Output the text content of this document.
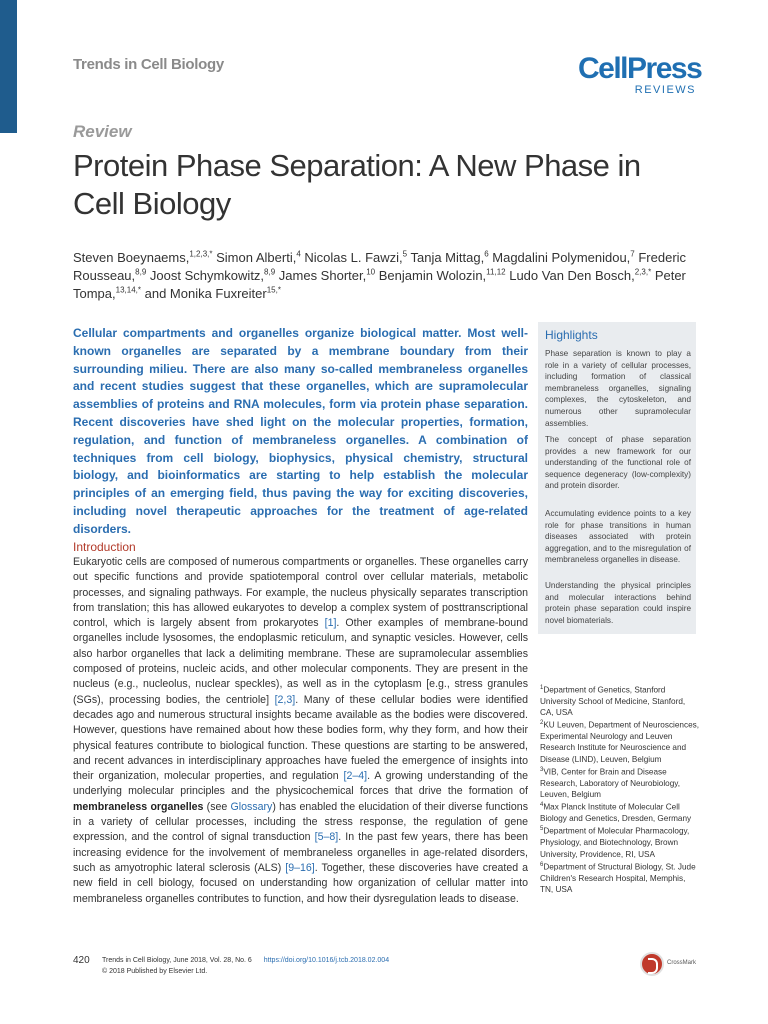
Trends in Cell Biology	CellPress
REVIEWS
Review
Protein Phase Separation: A New Phase in Cell Biology

Steven Boeynaems,$^{1,2,3,*}$ Simon Alberti,$^4$ Nicolas L. Fawzi,$^5$ Tanja Mittag,$^6$ Magdalini Polymenidou,$^7$ Frederic Rousseau,$^{8,9}$ Joost Schymkowitz,$^{8,9}$ James Shorter,$^{10}$ Benjamin Wolozin,$^{11,12}$ Ludo Van Den Bosch,$^{2,3,*}$ Peter Tompa,$^{13,14,*}$ and Monika Fuxreiter$^{15,*}$

Cellular compartments and organelles organize biological matter. Most well-known organelles are separated by a membrane boundary from their surrounding milieu. There are also many so-called membraneless organelles and recent studies suggest that these organelles, which are supramolecular assemblies of proteins and RNA molecules, form via protein phase separation. Recent discoveries have shed light on the molecular properties, formation, regulation, and function of membraneless organelles. A combination of techniques from cell biology, biophysics, physical chemistry, structural biology, and bioinformatics are starting to help establish the molecular principles of an emerging field, thus paving the way for exciting discoveries, including novel therapeutic approaches for the treatment of age-related disorders.

Introduction

Eukaryotic cells are composed of numerous compartments or organelles. These organelles carry out specific functions and provide spatiotemporal control over cellular materials, metabolic processes, and signaling pathways. For example, the nucleus physically separates transcription from translation; this has allowed eukaryotes to develop a complex system of posttranscriptional control, which is largely absent from prokaryotes [1]. Other examples of membrane-bound organelles include lysosomes, the endoplasmic reticulum, and synaptic vesicles. However, cells also harbor organelles that lack a delimiting membrane. These are supramolecular assemblies composed of proteins, nucleic acids, and other molecular components. They are present in the nucleus (e.g., nucleolus, nuclear speckles), as well as in the cytoplasm [e.g., stress granules (SGs), processing bodies, the centriole] [2,3]. Many of these cellular bodies were identified decades ago and numerous structural insights became available as the bodies were discovered. However, questions have remained about how these bodies form, why they form, and how their physical features contribute to biological function. These questions are starting to be answered, and recent advances in interdisciplinary approaches have fueled the emergence of insights into their organization, molecular properties, and regulation [2–4]. A growing understanding of the underlying molecular principles and the physicochemical forces that drive the formation of membraneless organelles (see Glossary) has enabled the elucidation of their diverse functions in a variety of cellular processes, including the stress response, the regulation of gene expression, and the control of signal transduction [5–8]. In the past few years, there has been increasing evidence for the involvement of membraneless organelles in age-related disorders, such as amyotrophic lateral sclerosis (ALS) [9–16]. Together, these discoveries have created a new field in cell biology, focused on understanding how organization of cellular matter into membraneless organelles contributes to function, and how their dysregulation leads to disease.

Highlights

Phase separation is known to play a role in a variety of cellular processes, including formation of classical membraneless organelles, signaling complexes, the cytoskeleton, and numerous other supramolecular assemblies.

The concept of phase separation provides a new framework for our understanding of the functional role of sequence degeneracy (low-complexity) and protein disorder.

Accumulating evidence points to a key role for phase transitions in human diseases associated with protein aggregation, and to the misregulation of membraneless organelles in disease.

Understanding the physical principles and molecular interactions behind protein phase separation could inspire novel biomaterials.

$^1$Department of Genetics, Stanford University School of Medicine, Stanford, CA, USA

$^2$KU Leuven, Department of Neurosciences, Experimental Neurology and Leuven Research Institute for Neuroscience and Disease (LIND), Leuven, Belgium

$^3$VIB, Center for Brain and Disease Research, Laboratory of Neurobiology, Leuven, Belgium

$^4$Max Planck Institute of Molecular Cell Biology and Genetics, Dresden, Germany

$^5$Department of Molecular Pharmacology, Physiology, and Biotechnology, Brown University, Providence, RI, USA

$^6$Department of Structural Biology, St. Jude Children's Research Hospital, Memphis, TN, USA

420 Trends in Cell Biology, June 2018, Vol. 28, No. 6 https://doi.org/10.1016/j.tcb.2018.02.004
© 2018 Published by Elsevier Ltd.
CrossMark
